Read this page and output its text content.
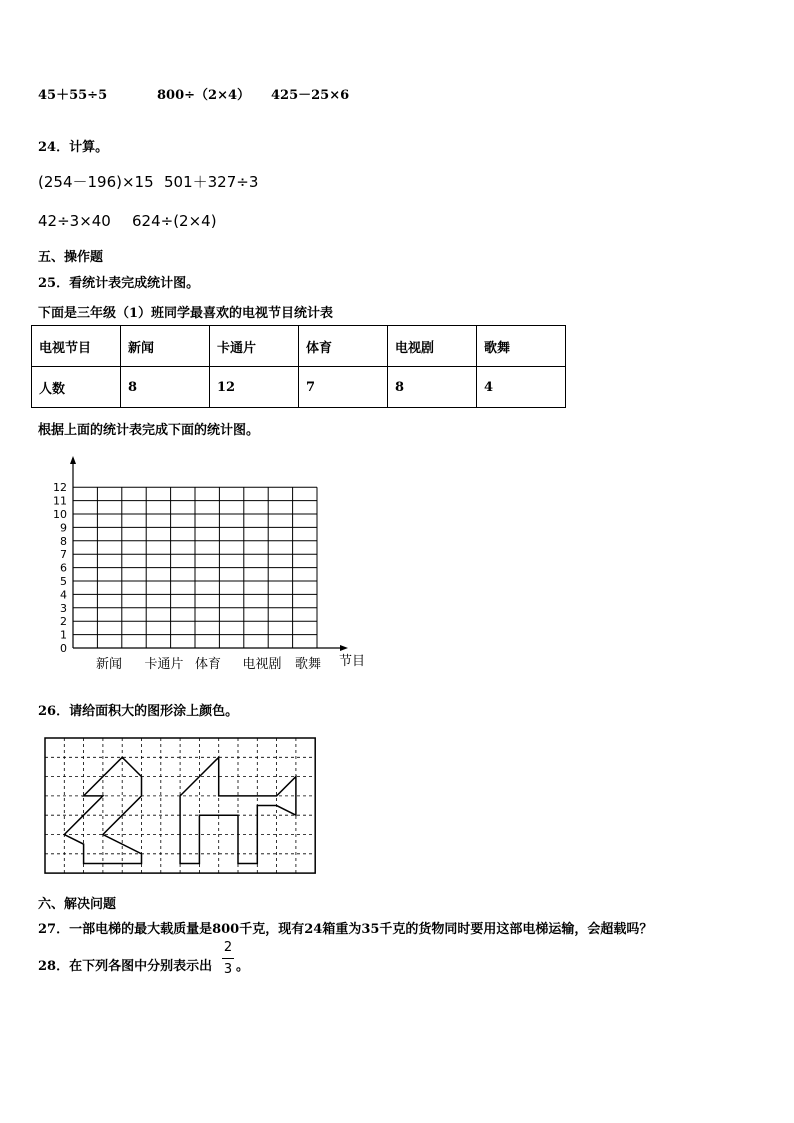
45＋55÷5	800÷（2×4） 425－25×6
24．计算。
(254－196)×15 501＋327÷3
42÷3×40 624÷(2×4)
五、操作题
25．看统计表完成统计图。
下面是三年级（1）班同学最喜欢的电视节目统计表
电视节目	新闻	卡通片	体育	电视剧	歌舞
人数	8	12	7	8	4
根据上面的统计表完成下面的统计图。
0
1
2
3
4
5
6
7
8
9
10
11
12
新闻 卡通片 体育 电视剧 歌舞 节目
26．请给面积大的图形涂上颜色。
六、解决问题
27．一部电梯的最大载质量是800千克，现有24箱重为35千克的货物同时要用这部电梯运输，会超载吗？
28．在下列各图中分别表示出
2
3 。
